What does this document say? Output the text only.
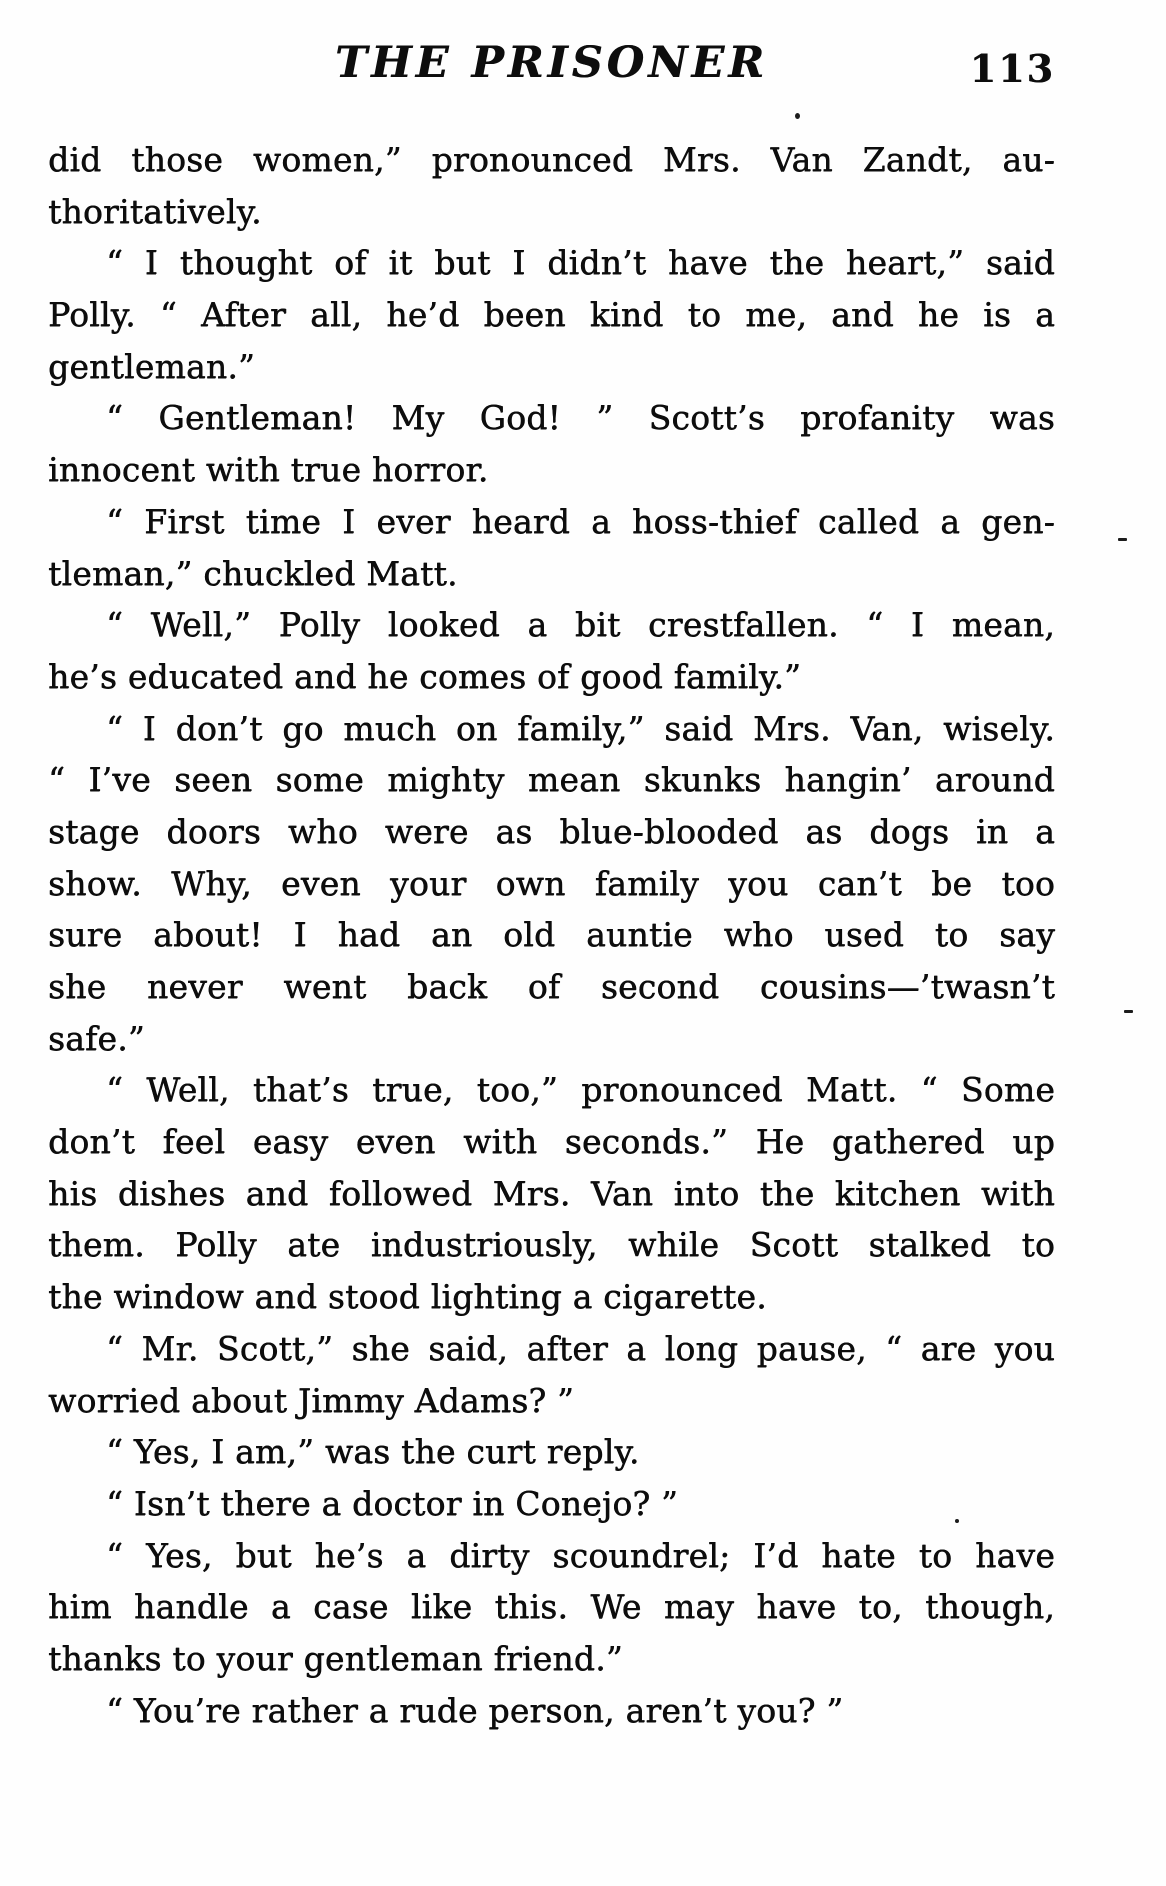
THE PRISONER	113
did those women,” pronounced Mrs. Van Zandt, au-
thoritatively.
“ I thought of it but I didn’t have the heart,” said
Polly. “ After all, he’d been kind to me, and he is a
gentleman.”
“ Gentleman! My God! ” Scott’s profanity was
innocent with true horror.
“ First time I ever heard a hoss-thief called a gen-
tleman,” chuckled Matt.
“ Well,” Polly looked a bit crestfallen. “ I mean,
he’s educated and he comes of good family.”
“ I don’t go much on family,” said Mrs. Van, wisely.
“ I’ve seen some mighty mean skunks hangin’ around
stage doors who were as blue-blooded as dogs in a
show. Why, even your own family you can’t be too
sure about! I had an old auntie who used to say
she never went back of second cousins—’twasn’t
safe.”
“ Well, that’s true, too,” pronounced Matt. “ Some
don’t feel easy even with seconds.” He gathered up
his dishes and followed Mrs. Van into the kitchen with
them. Polly ate industriously, while Scott stalked to
the window and stood lighting a cigarette.
“ Mr. Scott,” she said, after a long pause, “ are you
worried about Jimmy Adams? ”
“ Yes, I am,” was the curt reply.
“ Isn’t there a doctor in Conejo? ”
“ Yes, but he’s a dirty scoundrel; I’d hate to have
him handle a case like this. We may have to, though,
thanks to your gentleman friend.”
“ You’re rather a rude person, aren’t you? ”
